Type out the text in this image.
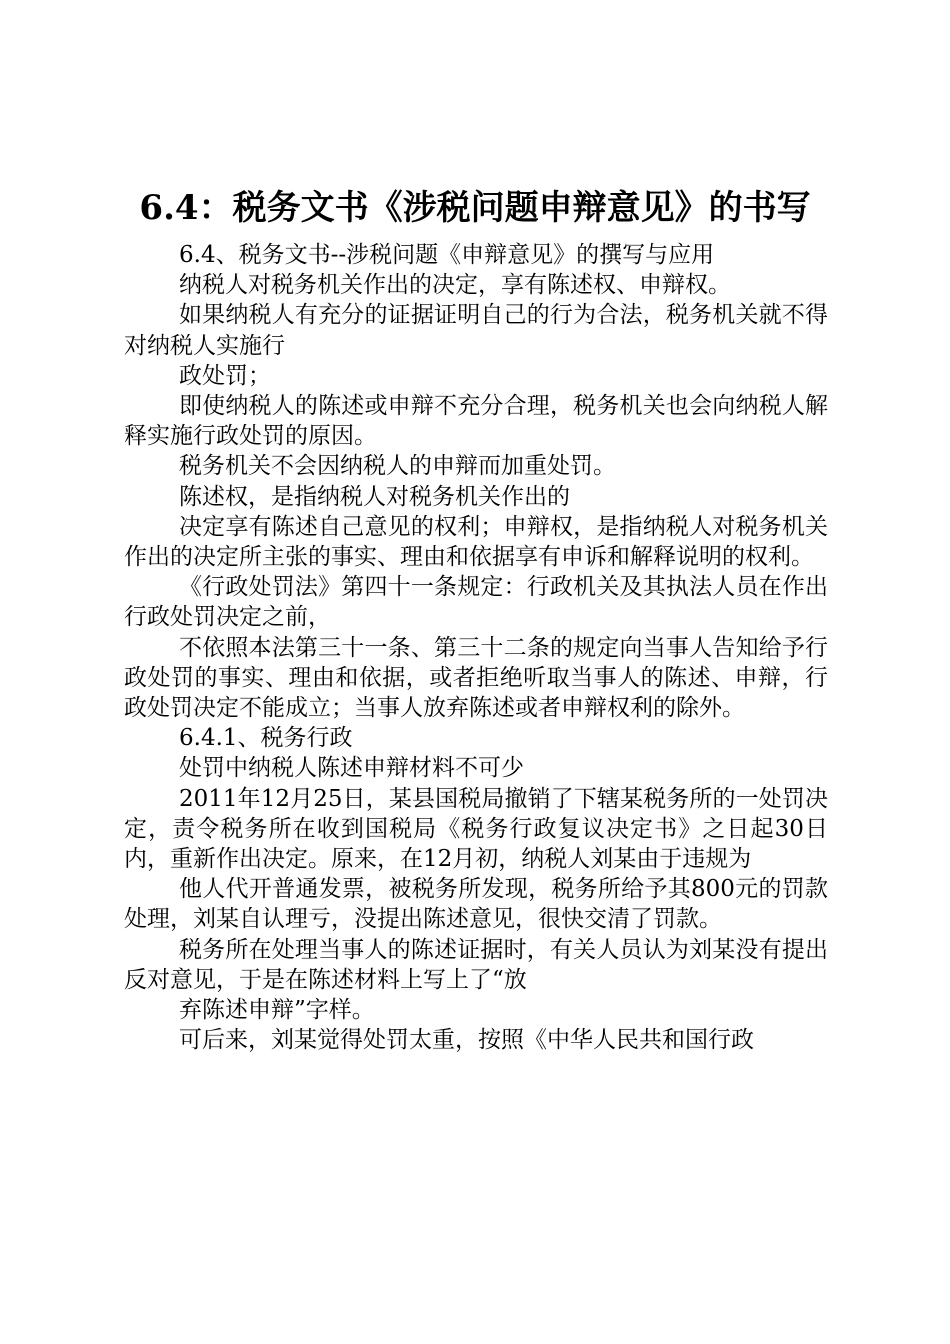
6.4：税务文书《涉税问题申辩意见》的书写

6.4、税务文书--涉税问题《申辩意见》的撰写与应用

纳税人对税务机关作出的决定，享有陈述权、申辩权。

如果纳税人有充分的证据证明自己的行为合法，税务机关就不得对纳税人实施行

政处罚；

即使纳税人的陈述或申辩不充分合理，税务机关也会向纳税人解释实施行政处罚的原因。

税务机关不会因纳税人的申辩而加重处罚。

陈述权，是指纳税人对税务机关作出的

决定享有陈述自己意见的权利；申辩权，是指纳税人对税务机关作出的决定所主张的事实、理由和依据享有申诉和解释说明的权利。

《行政处罚法》第四十一条规定：行政机关及其执法人员在作出行政处罚决定之前，

不依照本法第三十一条、第三十二条的规定向当事人告知给予行政处罚的事实、理由和依据，或者拒绝听取当事人的陈述、申辩，行政处罚决定不能成立；当事人放弃陈述或者申辩权利的除外。

6.4.1、税务行政

处罚中纳税人陈述申辩材料不可少

2011年12月25日，某县国税局撤销了下辖某税务所的一处罚决定，责令税务所在收到国税局《税务行政复议决定书》之日起30日内，重新作出决定。原来，在12月初，纳税人刘某由于违规为

他人代开普通发票，被税务所发现，税务所给予其800元的罚款处理，刘某自认理亏，没提出陈述意见，很快交清了罚款。

税务所在处理当事人的陈述证据时，有关人员认为刘某没有提出反对意见，于是在陈述材料上写上了“放

弃陈述申辩”字样。

可后来，刘某觉得处罚太重，按照《中华人民共和国行政
